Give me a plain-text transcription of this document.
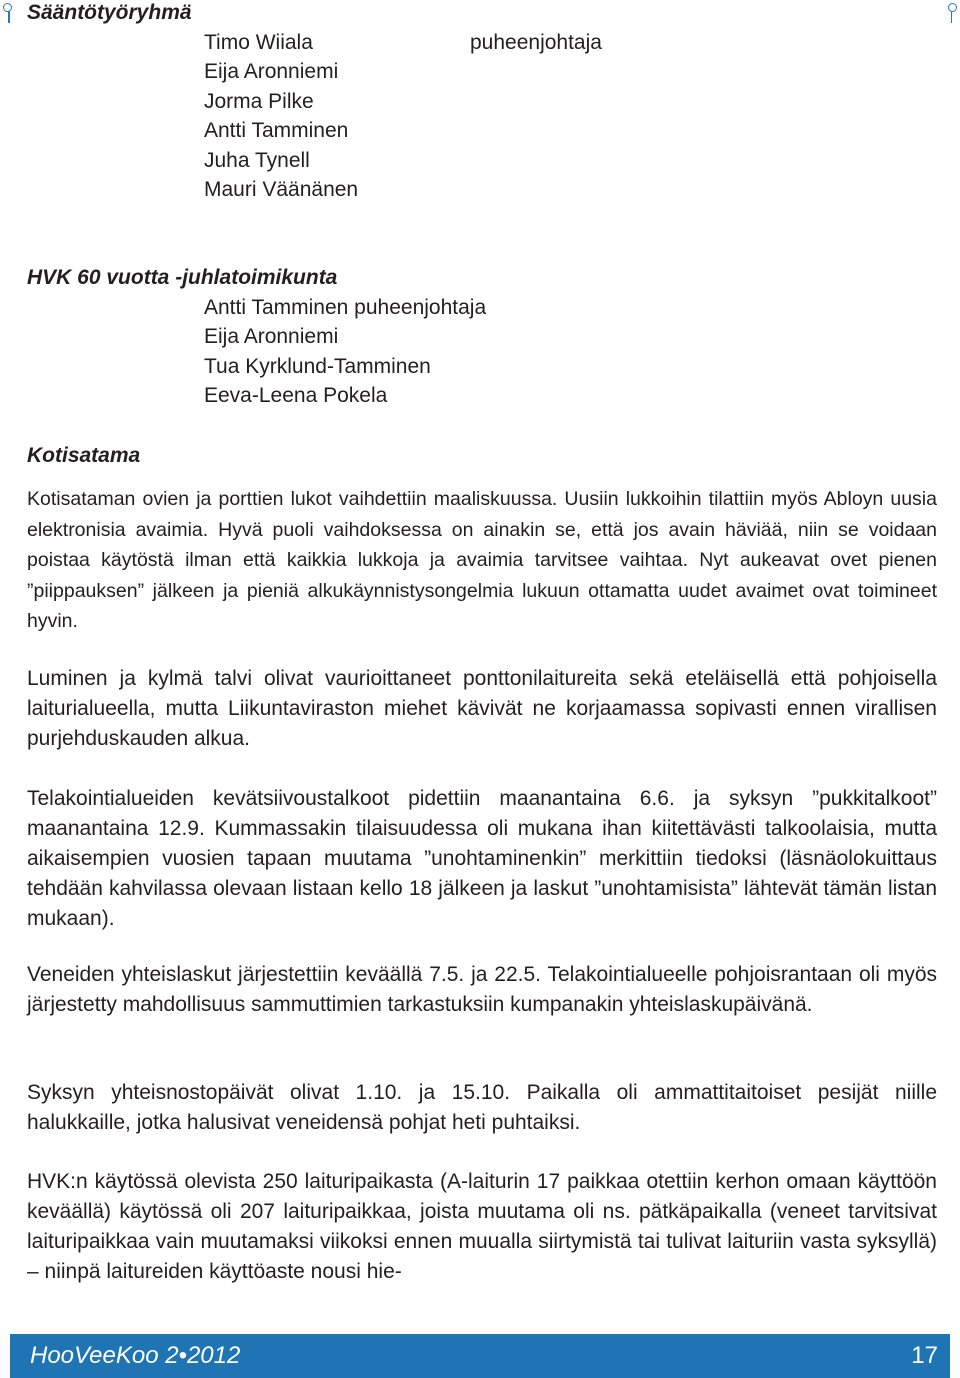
Sääntötyöryhmä
Timo Wiiala
Eija Aronniemi
Jorma Pilke
Antti Tamminen
Juha Tynell
Mauri Väänänen
puheenjohtaja
HVK 60 vuotta -juhlatoimikunta
Antti Tamminen puheenjohtaja
Eija Aronniemi
Tua Kyrklund-Tamminen
Eeva-Leena Pokela
Kotisatama

Kotisataman ovien ja porttien lukot vaihdettiin maaliskuussa. Uusiin lukkoihin tilattiin myös Abloyn uusia elektronisia avaimia. Hyvä puoli vaihdoksessa on ainakin se, että jos avain häviää, niin se voidaan poistaa käytöstä ilman että kaikkia lukkoja ja avaimia tarvitsee vaihtaa. Nyt aukeavat ovet pienen ”piippauksen” jälkeen ja pieniä alkukäynnistysongelmia lukuun ottamatta uudet avaimet ovat toimineet hyvin.

Luminen ja kylmä talvi olivat vaurioittaneet ponttonilaitureita sekä eteläisellä että pohjoisella laiturialueella, mutta Liikuntaviraston miehet kävivät ne korjaamassa sopivasti ennen virallisen purjehduskauden alkua.

Telakointialueiden kevätsiivoustalkoot pidettiin maanantaina 6.6. ja syksyn ”pukkitalkoot” maanantaina 12.9. Kummassakin tilaisuudessa oli mukana ihan kiitettävästi talkoolaisia, mutta aikaisempien vuosien tapaan muutama ”unohtaminenkin” merkittiin tiedoksi (läsnäolokuittaus tehdään kahvilassa olevaan listaan kello 18 jälkeen ja laskut ”unohtamisista” lähtevät tämän listan mukaan).

Veneiden yhteislaskut järjestettiin keväällä 7.5. ja 22.5. Telakointialueelle pohjoisrantaan oli myös järjestetty mahdollisuus sammuttimien tarkastuksiin kumpanakin yhteislaskupäivänä.

Syksyn yhteisnostopäivät olivat 1.10. ja 15.10. Paikalla oli ammattitaitoiset pesijät niille halukkaille, jotka halusivat veneidensä pohjat heti puhtaiksi.

HVK:n käytössä olevista 250 laituripaikasta (A-laiturin 17 paikkaa otettiin kerhon omaan käyttöön keväällä) käytössä oli 207 laituripaikkaa, joista muutama oli ns. pätkäpaikalla (veneet tarvitsivat laituripaikkaa vain muutamaksi viikoksi ennen muualla siirtymistä tai tulivat laituriin vasta syksyllä) – niinpä laitureiden käyttöaste nousi hie-

HooVeeKoo 2•2012	17
